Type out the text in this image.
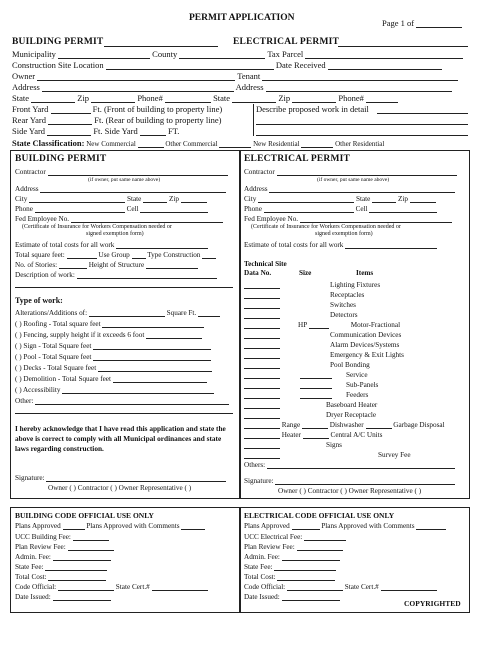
PERMIT APPLICATION	Page 1 of
BUILDING PERMIT	ELECTRICAL PERMIT
Municipality	County	Tax Parcel
Construction Site Location	Date Received
Owner	Tenant
Address	Address
State	Zip	Phone#	State	Zip	Phone#
Front Yard	Ft. (Front of building to property line)	Describe proposed work in detail
Rear Yard	Ft. (Rear of building to property line)
Side Yard	Ft. Side Yard	FT.
State Classification: New Commercial	Other Commercial	New Residential	Other Residential
BUILDING PERMIT
Contractor
(if owner, put same name above)
Address
City	State	Zip
Phone	Cell
Fed Employee No.
(Certificate of Insurance for Workers Compensation needed or
signed exemption form)
Estimate of total costs for all work
Total square feet:	Use Group Type Construction
No. of Stories:	Height of Structure
Description of work:
Type of work:
Alterations/Additions of:	Square Ft.
( ) Roofing - Total square feet
( ) Fencing, supply height if it exceeds 6 foot
( ) Sign - Total Square feet
( ) Pool - Total Square feet
( ) Decks - Total Square feet
( ) Demolition - Total Square feet
( ) Accessibility
Other:
I hereby acknowledge that I have read this application and state the
above is correct to comply with all Municipal ordinances and state
laws regarding construction.
Signature:
Owner ( ) Contractor ( ) Owner Representative ( )
ELECTRICAL PERMIT
Contractor
(if owner, put same name above)
Address
City	State	Zip
Phone	Cell
Fed Employee No.
(Certificate of Insurance for Workers Compensation needed or
signed exemption form)
Estimate of total costs for all work
Technical Site
Data No.	Size	Items
Lighting Fixtures
Receptacles
Switches
Detectors
HP	Motor-Fractional
Communication Devices
Alarm Devices/Systems
Emergency & Exit Lights
Pool Bonding
Service
Sub-Panels
Feeders
Baseboard Heater
Dryer Receptacle
Range	Dishwasher	Garbage Disposal
Heater	Central A/C Units
Signs
Survey Fee
Others:
Signature:
Owner ( ) Contractor ( ) Owner Representative ( )
BUILDING CODE OFFICIAL USE ONLY
Plans Approved	Plans Approved with Comments
UCC Building Fee:
Plan Review Fee:
Admin. Fee:
State Fee:
Total Cost:
Code Official:	State Cert.#
Date Issued:
ELECTRICAL CODE OFFICIAL USE ONLY
Plans Approved	Plans Approved with Comments
UCC Electrical Fee:
Plan Review Fee:
Admin. Fee:
State Fee:
Total Cost:
Code Official:	State Cert.#
Date Issued:
COPYRIGHTED
